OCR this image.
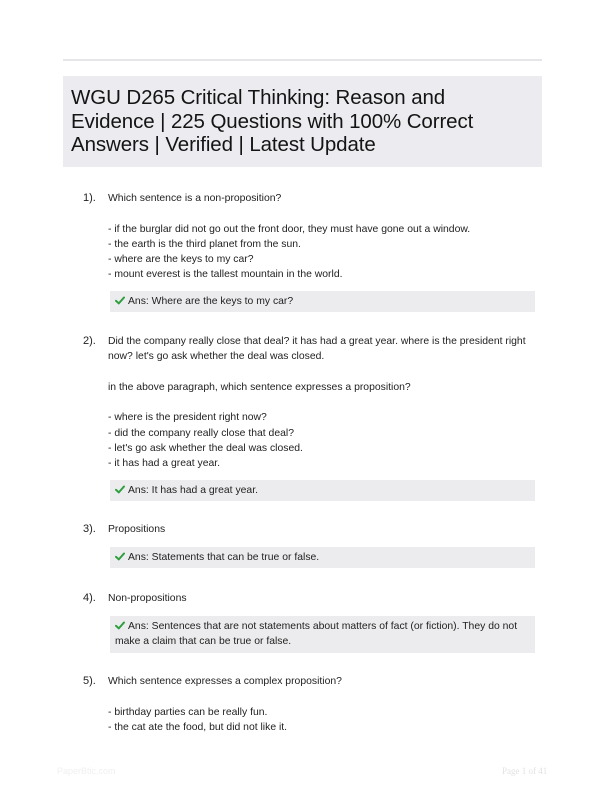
WGU D265 Critical Thinking: Reason and
Evidence | 225 Questions with 100% Correct
Answers | Verified | Latest Update
1). Which sentence is a non-proposition?
- if the burglar did not go out the front door, they must have gone out a window.
- the earth is the third planet from the sun.
- where are the keys to my car?
- mount everest is the tallest mountain in the world.
Ans: Where are the keys to my car?
2). Did the company really close that deal? it has had a great year. where is the president right
now? let's go ask whether the deal was closed.
in the above paragraph, which sentence expresses a proposition?
- where is the president right now?
- did the company really close that deal?
- let's go ask whether the deal was closed.
- it has had a great year.
Ans: It has had a great year.
3). Propositions
Ans: Statements that can be true or false.
4). Non-propositions
Ans: Sentences that are not statements about matters of fact (or fiction). They do not
make a claim that can be true or false.
5). Which sentence expresses a complex proposition?
- birthday parties can be really fun.
- the cat ate the food, but did not like it.
PaperBtic.com	Page 1 of 41
